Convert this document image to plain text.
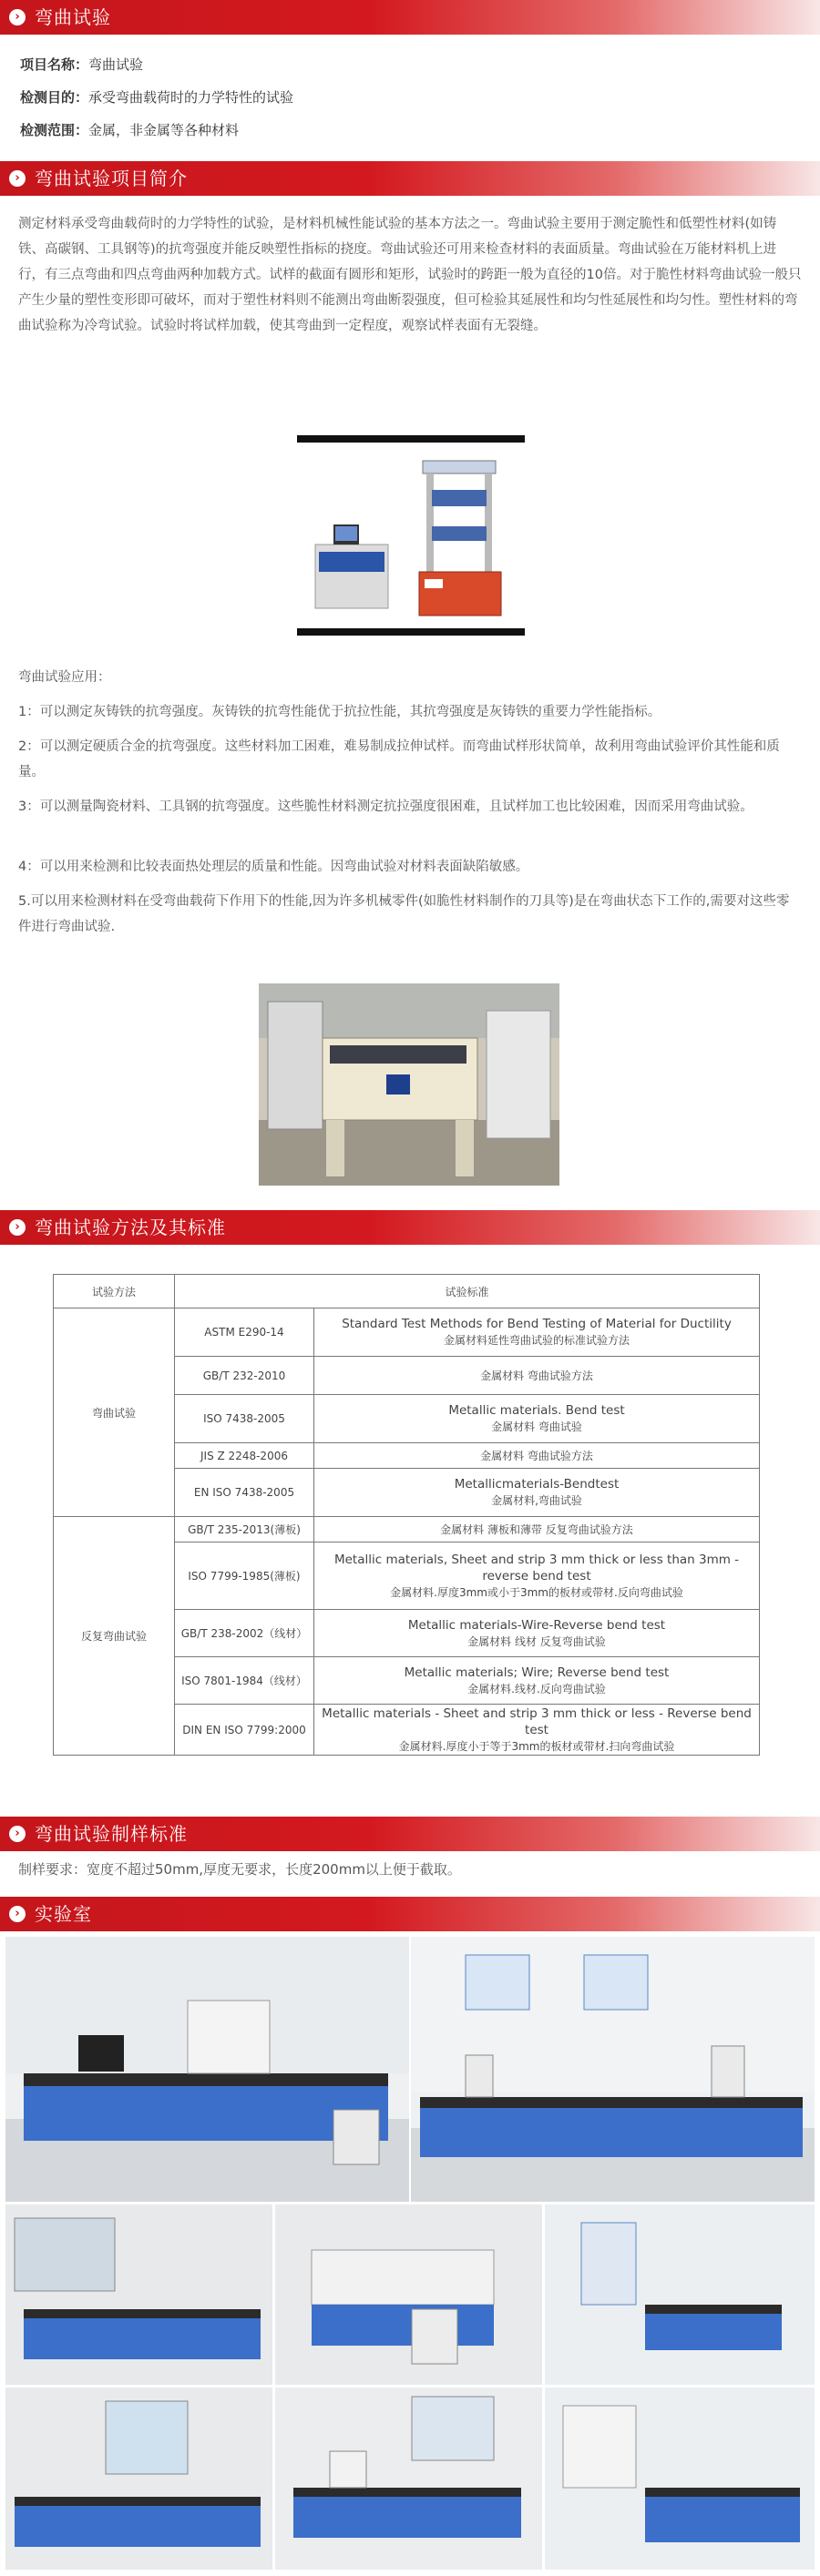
› 弯曲试验
项目名称：弯曲试验
检测目的：承受弯曲载荷时的力学特性的试验
检测范围：金属，非金属等各种材料
› 弯曲试验项目简介
测定材料承受弯曲载荷时的力学特性的试验，是材料机械性能试验的基本方法之一。弯曲试验主要用于测定脆性和低塑性材料(如铸铁、高碳钢、工具钢等)的抗弯强度并能反映塑性指标的挠度。弯曲试验还可用来检查材料的表面质量。弯曲试验在万能材料机上进行，有三点弯曲和四点弯曲两种加载方式。试样的截面有圆形和矩形，试验时的跨距一般为直径的10倍。对于脆性材料弯曲试验一般只产生少量的塑性变形即可破坏，而对于塑性材料则不能测出弯曲断裂强度，但可检验其延展性和均匀性延展性和均匀性。塑性材料的弯曲试验称为冷弯试验。试验时将试样加载，使其弯曲到一定程度，观察试样表面有无裂缝。
弯曲试验应用：
1：可以测定灰铸铁的抗弯强度。灰铸铁的抗弯性能优于抗拉性能，其抗弯强度是灰铸铁的重要力学性能指标。
2：可以测定硬质合金的抗弯强度。这些材料加工困难，难易制成拉伸试样。而弯曲试样形状简单，故利用弯曲试验评价其性能和质量。
3：可以测量陶瓷材料、工具钢的抗弯强度。这些脆性材料测定抗拉强度很困难，且试样加工也比较困难，因而采用弯曲试验。
4：可以用来检测和比较表面热处理层的质量和性能。因弯曲试验对材料表面缺陷敏感。
5.可以用来检测材料在受弯曲载荷下作用下的性能,因为许多机械零件(如脆性材料制作的刀具等)是在弯曲状态下工作的,需要对这些零件进行弯曲试验.
› 弯曲试验方法及其标准
试验方法	试验标准	
弯曲试验	ASTM E290-14	Standard Test Methods for Bend Testing of Material for Ductility
金属材料延性弯曲试验的标准试验方法

	GB/T 232-2010	金属材料 弯曲试验方法

	ISO 7438-2005	Metallic materials. Bend test
金属材料 弯曲试验

	JIS Z 2248-2006	金属材料 弯曲试验方法

	EN ISO 7438-2005	Metallicmaterials-Bendtest
金属材料,弯曲试验

反复弯曲试验	GB/T 235-2013(薄板)	金属材料 薄板和薄带 反复弯曲试验方法

	ISO 7799-1985(薄板)	Metallic materials, Sheet and strip 3 mm thick or less than 3mm - reverse bend test
金属材料.厚度3mm或小于3mm的板材或带材.反向弯曲试验

	GB/T 238-2002（线材）	Metallic materials-Wire-Reverse bend test
金属材料 线材 反复弯曲试验

	ISO 7801-1984（线材）	Metallic materials; Wire; Reverse bend test
金属材料.线材.反向弯曲试验

	DIN EN ISO 7799:2000	Metallic materials - Sheet and strip 3 mm thick or less - Reverse bend test
金属材料.厚度小于等于3mm的板材或带材.扫向弯曲试验
› 弯曲试验制样标准
制样要求：宽度不超过50mm,厚度无要求，长度200mm以上便于截取。
› 实验室
